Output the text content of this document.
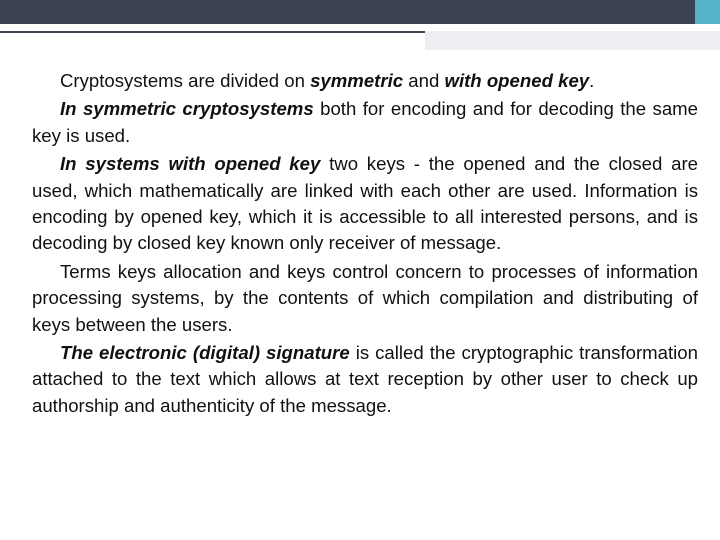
Cryptosystems are divided on symmetric and with opened key.

In symmetric cryptosystems both for encoding and for decoding the same key is used.

In systems with opened key two keys - the opened and the closed are used, which mathematically are linked with each other are used. Information is encoding by opened key, which it is accessible to all interested persons, and is decoding by closed key known only receiver of message.

Terms keys allocation and keys control concern to processes of information processing systems, by the contents of which compilation and distributing of keys between the users.

The electronic (digital) signature is called the cryptographic transformation attached to the text which allows at text reception by other user to check up authorship and authenticity of the message.
